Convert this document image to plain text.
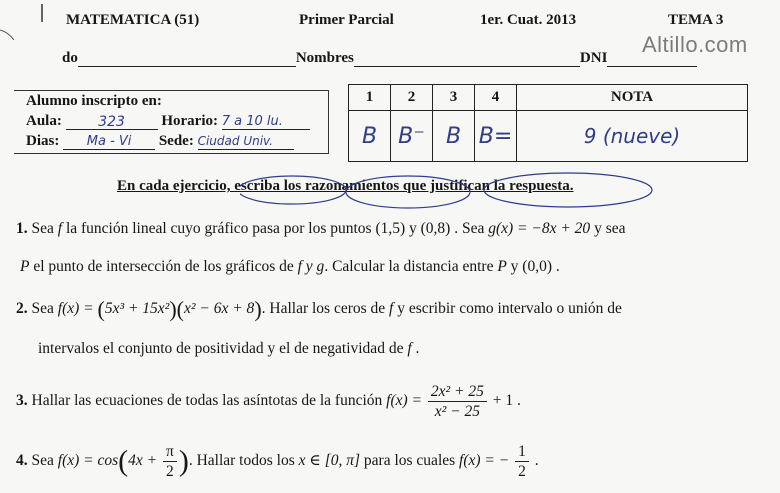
MATEMATICA (51)	Primer Parcial	1er. Cuat. 2013	TEMA 3
Altillo.com
do	Nombres	DNI
Alumno inscripto en:
Aula:	323 Horario: 7 a 10 lu.
Dias: Ma - Vi Sede: Ciudad Univ.
1	2	3	4	NOTA
B	B⁻	B	B=	9 (nueve)
En cada ejercicio, escriba los razonamientos que justifican la respuesta.
1. Sea f la función lineal cuyo gráfico pasa por los puntos (1,5) y (0,8) . Sea g(x) = −8x + 20 y sea
P el punto de intersección de los gráficos de f y g. Calcular la distancia entre P y (0,0) .
2. Sea f(x) = (5x³ + 15x²)(x² − 6x + 8). Hallar los ceros de f y escribir como intervalo o unión de
intervalos el conjunto de positividad y el de negatividad de f .
3. Hallar las ecuaciones de todas las asíntotas de la función $f(x) = \frac{\text{2x² + 25}}{\text{x² − 25}} + 1$ .
4. Sea $f(x) = \cos(4x + \frac{\pi}{2}$ ). Hallar todos los x ∈ [0, π] para los cuales f(x) = − $\frac{1}{2}$ .
